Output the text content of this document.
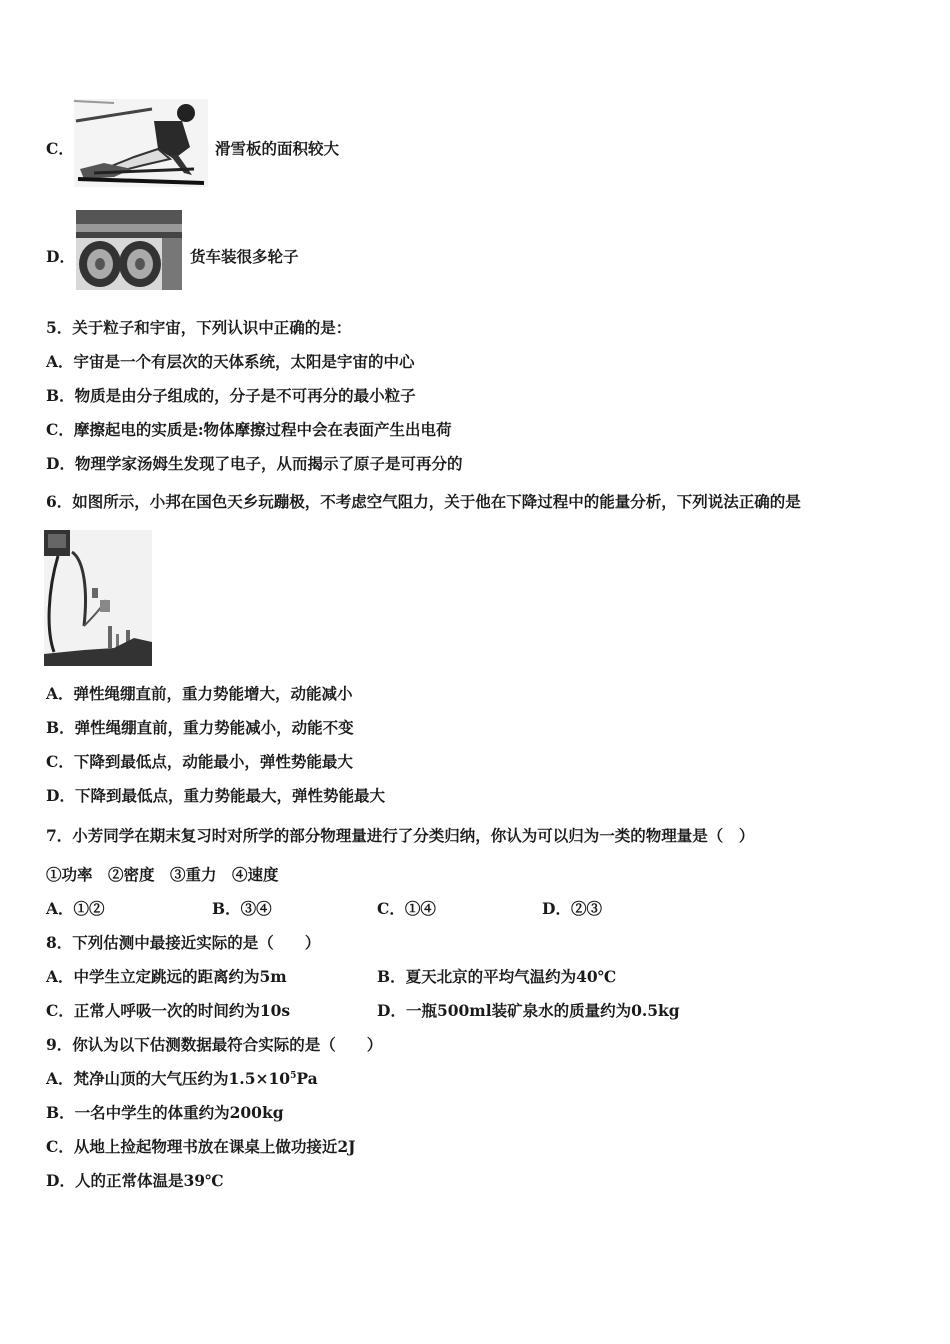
C．	滑雪板的面积较大
D．	货车装很多轮子
5．关于粒子和宇宙，下列认识中正确的是：
A．宇宙是一个有层次的天体系统，太阳是宇宙的中心
B．物质是由分子组成的，分子是不可再分的最小粒子
C．摩擦起电的实质是:物体摩擦过程中会在表面产生出电荷
D．物理学家汤姆生发现了电子，从而揭示了原子是可再分的
6．如图所示，小邦在国色天乡玩蹦极，不考虑空气阻力，关于他在下降过程中的能量分析，下列说法正确的是
A．弹性绳绷直前，重力势能增大，动能减小
B．弹性绳绷直前，重力势能减小，动能不变
C．下降到最低点，动能最小，弹性势能最大
D．下降到最低点，重力势能最大，弹性势能最大
7．小芳同学在期末复习时对所学的部分物理量进行了分类归纳，你认为可以归为一类的物理量是（　）
①功率　②密度　③重力　④速度
A．①②	B．③④	C．①④	D．②③
8．下列估测中最接近实际的是（　　）
A．中学生立定跳远的距离约为5m	B．夏天北京的平均气温约为40℃
C．正常人呼吸一次的时间约为10s	D．一瓶500ml装矿泉水的质量约为0.5kg
9．你认为以下估测数据最符合实际的是（　　）
A．梵净山顶的大气压约为$1.5\times 10^5Pa$
B．一名中学生的体重约为200kg
C．从地上捡起物理书放在课桌上做功接近2J
D．人的正常体温是39℃
